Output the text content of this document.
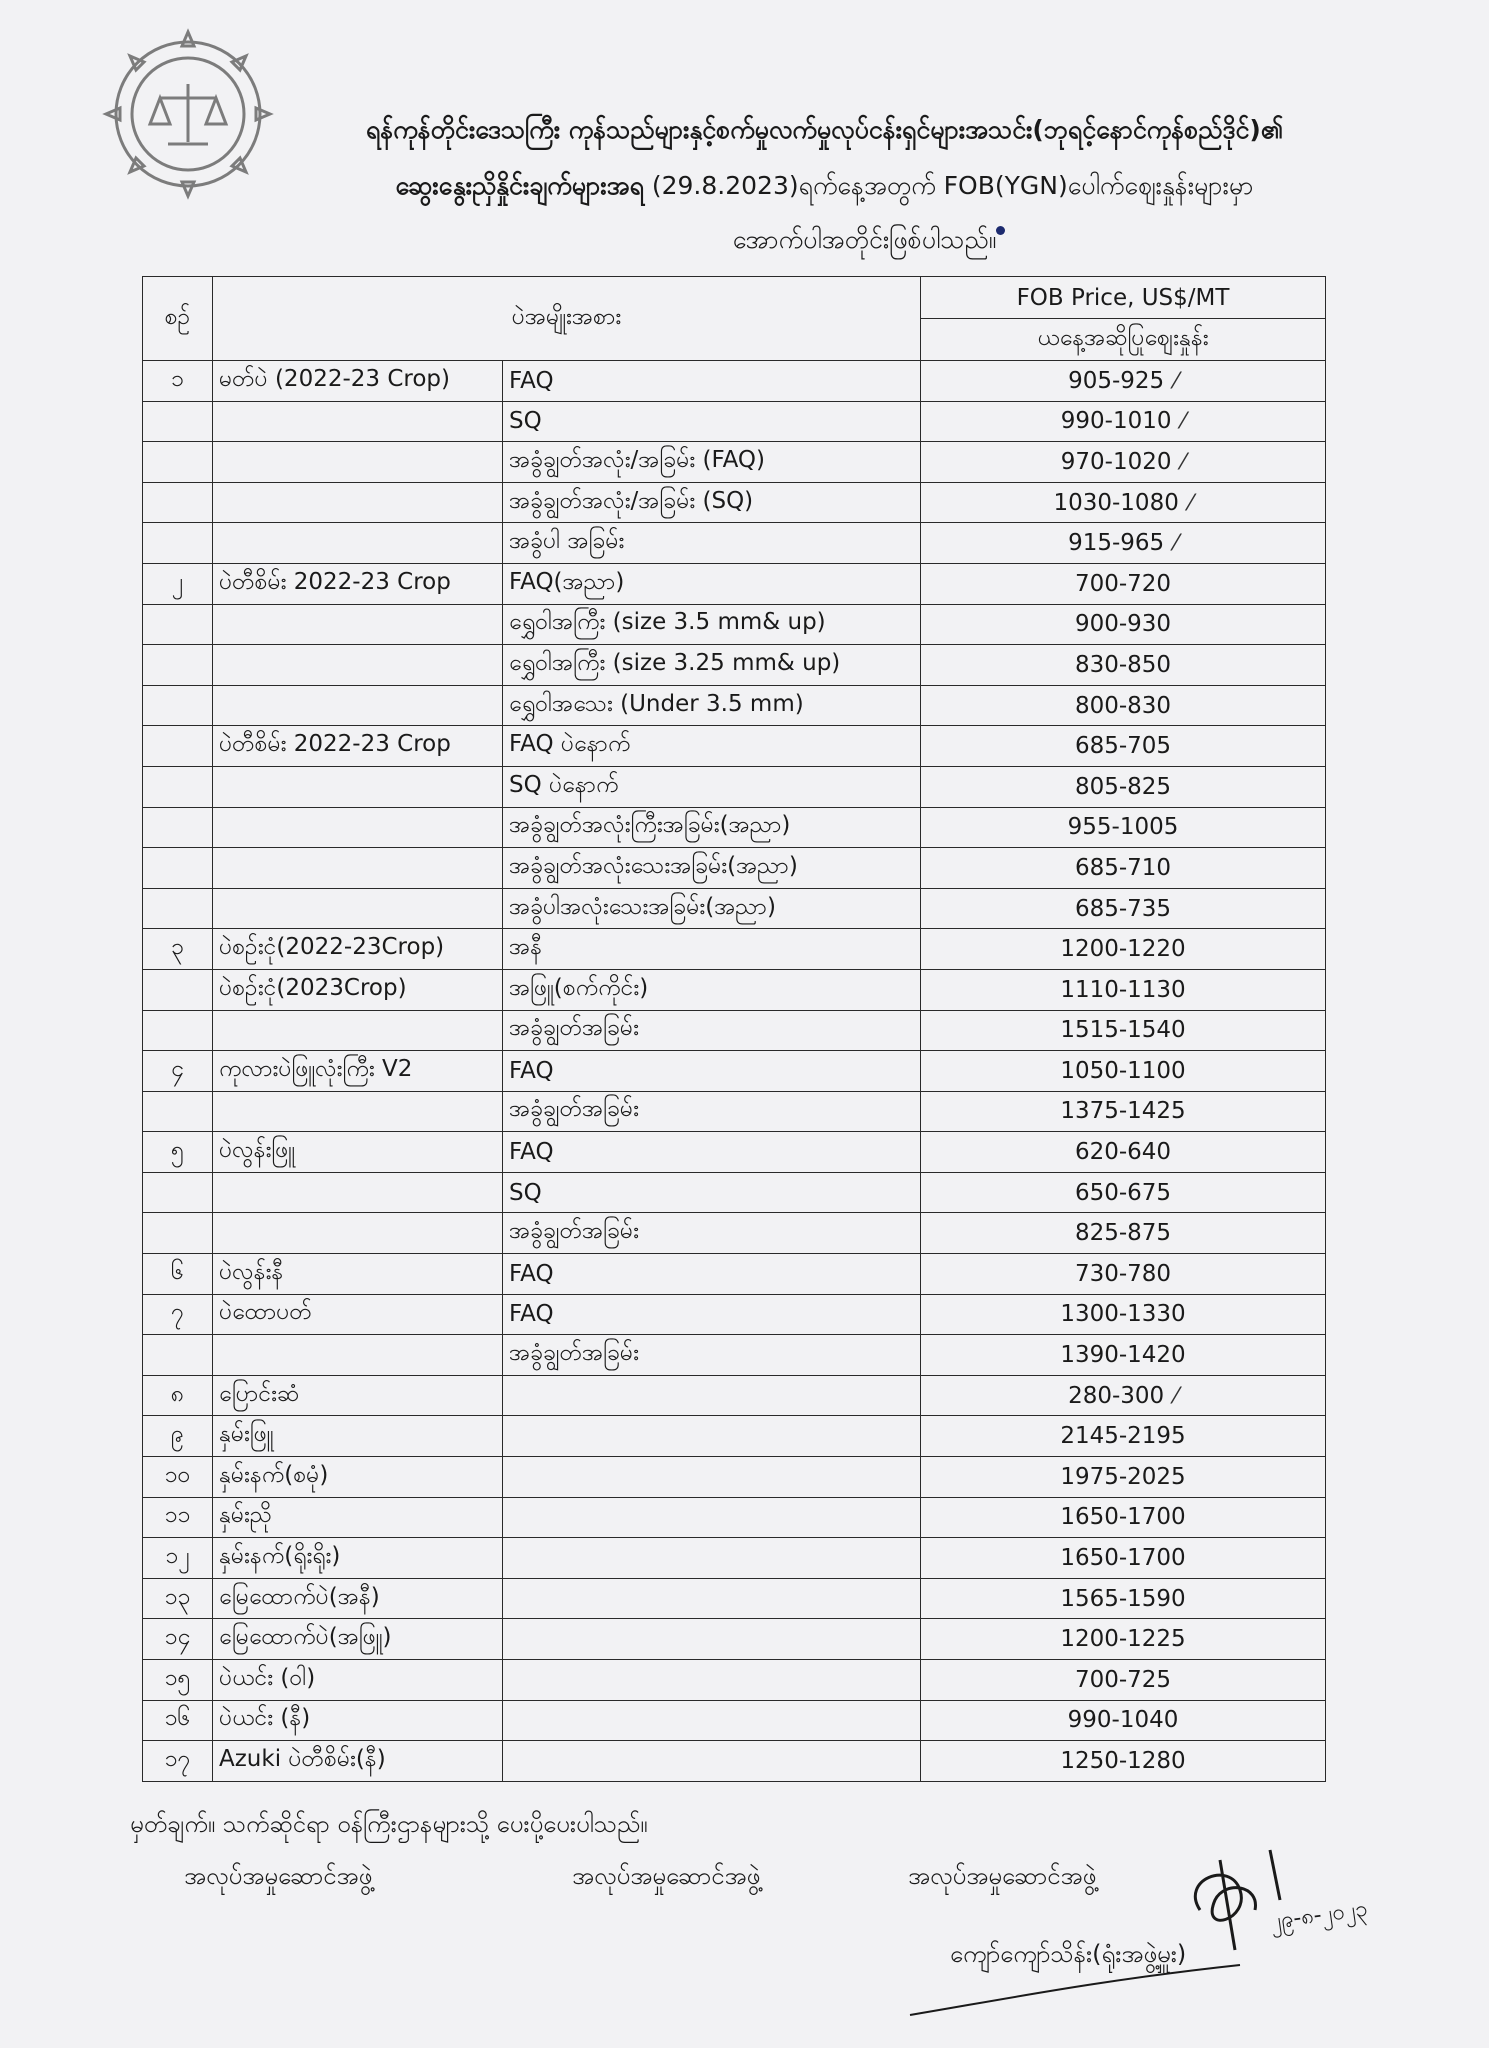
ရန်ကုန်တိုင်းဒေသကြီး ကုန်သည်များနှင့်စက်မှုလက်မှုလုပ်ငန်းရှင်များအသင်း(ဘုရင့်နောင်ကုန်စည်ဒိုင်)၏
ဆွေးနွေးညှိနှိုင်းချက်များအရ (29.8.2023)ရက်နေ့အတွက် FOB(YGN)ပေါက်ဈေးနှုန်းများမှာ
အောက်ပါအတိုင်းဖြစ်ပါသည်။
စဉ်	ပဲအမျိုးအစား		FOB Price, US$/MT
			ယနေ့အဆိုပြုဈေးနှုန်း
၁	မတ်ပဲ (2022-23 Crop)	FAQ	905-925 ⁄
		SQ	990-1010 ⁄
		အခွံချွတ်အလုံး/အခြမ်း (FAQ)	970-1020 ⁄
		အခွံချွတ်အလုံး/အခြမ်း (SQ)	1030-1080 ⁄
		အခွံပါ အခြမ်း	915-965 ⁄
၂	ပဲတီစိမ်း 2022-23 Crop	FAQ(အညာ)	700-720
		ရွှေဝါအကြီး (size 3.5 mm& up)	900-930
		ရွှေဝါအကြီး (size 3.25 mm& up)	830-850
		ရွှေဝါအသေး (Under 3.5 mm)	800-830
	ပဲတီစိမ်း 2022-23 Crop	FAQ ပဲနောက်	685-705
		SQ ပဲနောက်	805-825
		အခွံချွတ်အလုံးကြီးအခြမ်း(အညာ)	955-1005
		အခွံချွတ်အလုံးသေးအခြမ်း(အညာ)	685-710
		အခွံပါအလုံးသေးအခြမ်း(အညာ)	685-735
၃	ပဲစဉ်းငုံ(2022-23Crop)	အနီ	1200-1220
	ပဲစဉ်းငုံ(2023Crop)	အဖြူ(စက်ကိုင်း)	1110-1130
		အခွံချွတ်အခြမ်း	1515-1540
၄	ကုလားပဲဖြူလုံးကြီး V2	FAQ	1050-1100
		အခွံချွတ်အခြမ်း	1375-1425
၅	ပဲလွန်းဖြူ	FAQ	620-640
		SQ	650-675
		အခွံချွတ်အခြမ်း	825-875
၆	ပဲလွန်းနီ	FAQ	730-780
၇	ပဲထောပတ်	FAQ	1300-1330
		အခွံချွတ်အခြမ်း	1390-1420
၈	ပြောင်းဆံ		280-300 ⁄
၉	နှမ်းဖြူ		2145-2195
၁၀	နှမ်းနက်(စမုံ)		1975-2025
၁၁	နှမ်းညို		1650-1700
၁၂	နှမ်းနက်(ရိုးရိုး)		1650-1700
၁၃	မြေထောက်ပဲ(အနီ)		1565-1590
၁၄	မြေထောက်ပဲ(အဖြူ)		1200-1225
၁၅	ပဲယင်း (ဝါ)		700-725
၁၆	ပဲယင်း (နီ)		990-1040
၁၇	Azuki ပဲတီစိမ်း(နီ)		1250-1280
မှတ်ချက်။ သက်ဆိုင်ရာ ဝန်ကြီးဌာနများသို့ ပေးပို့ပေးပါသည်။
အလုပ်အမှုဆောင်အဖွဲ့	အလုပ်အမှုဆောင်အဖွဲ့	အလုပ်အမှုဆောင်အဖွဲ့
၂၉-၈-၂၀၂၃
ကျော်ကျော်သိန်း(ရုံးအဖွဲ့မှူး)
